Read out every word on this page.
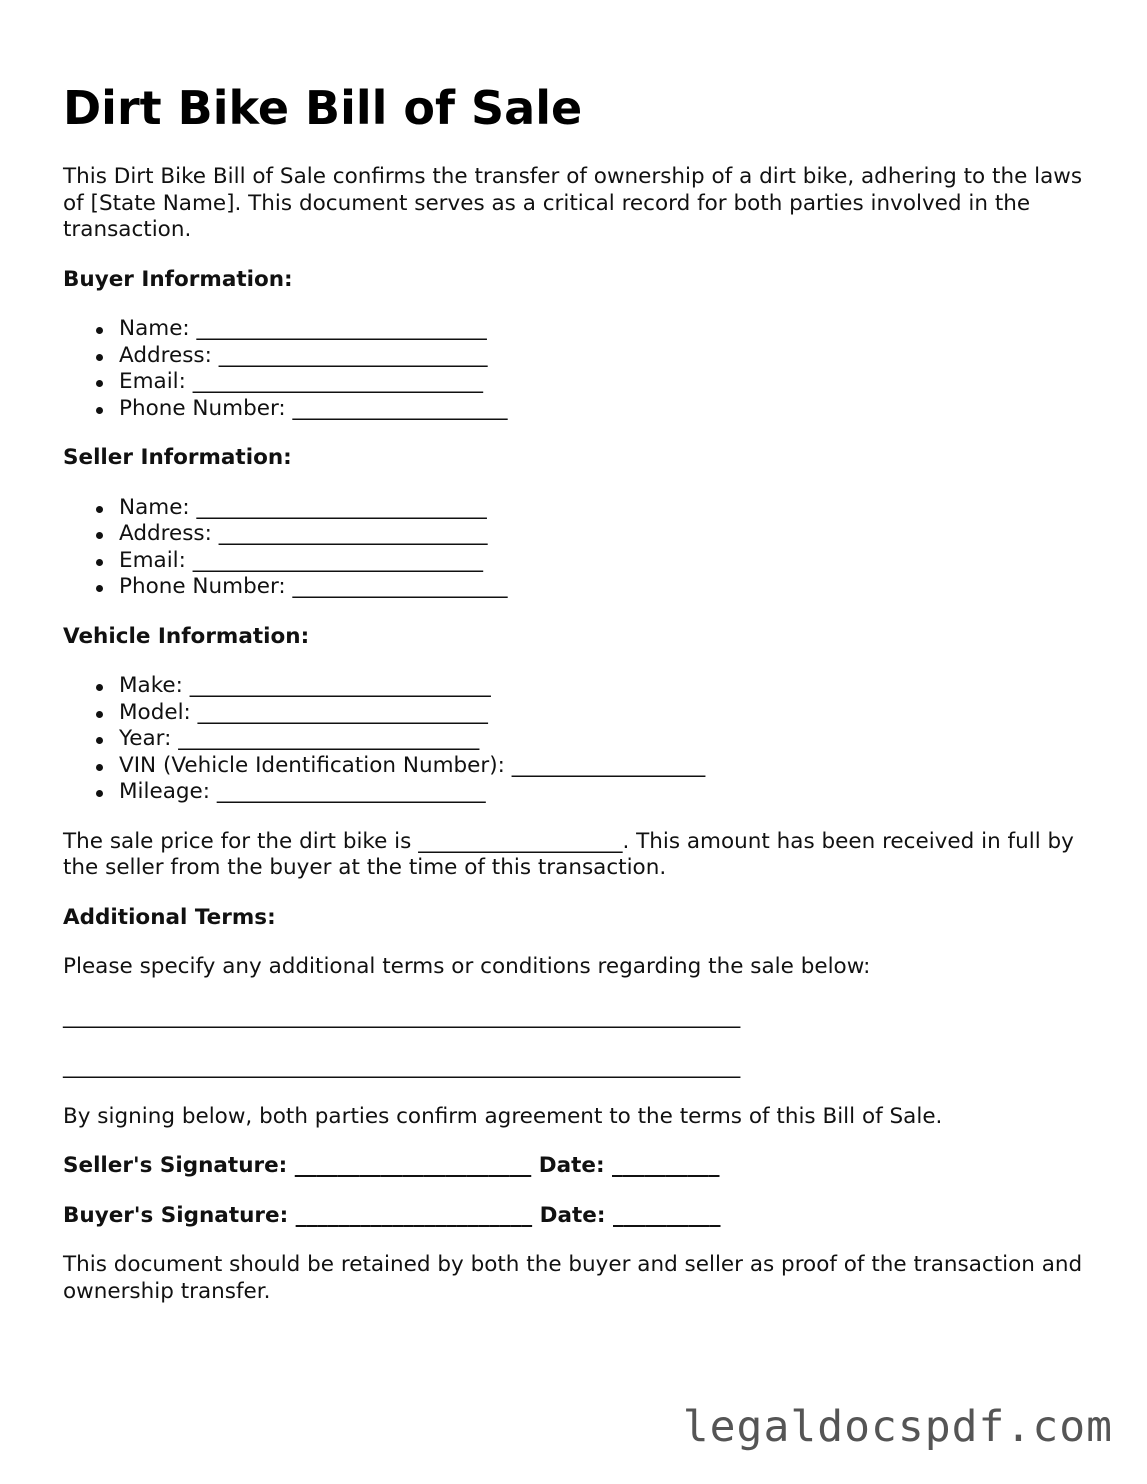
Dirt Bike Bill of Sale

This Dirt Bike Bill of Sale confirms the transfer of ownership of a dirt bike, adhering to the laws of [State Name]. This document serves as a critical record for both parties involved in the transaction.

Buyer Information:
Name: ___________________________
Address: _________________________
Email: ___________________________
Phone Number: ____________________
Seller Information:
Name: ___________________________
Address: _________________________
Email: ___________________________
Phone Number: ____________________
Vehicle Information:
Make: ____________________________
Model: ___________________________
Year: ____________________________
VIN (Vehicle Identification Number): __________________
Mileage: _________________________

The sale price for the dirt bike is ___________________. This amount has been received in full by the seller from the buyer at the time of this transaction.

Additional Terms:

Please specify any additional terms or conditions regarding the sale below:

_______________________________________________________________
_______________________________________________________________

By signing below, both parties confirm agreement to the terms of this Bill of Sale.

Seller's Signature: ______________________ Date: __________
Buyer's Signature: ______________________ Date: __________

This document should be retained by both the buyer and seller as proof of the transaction and ownership transfer.

legaldocspdf.com
